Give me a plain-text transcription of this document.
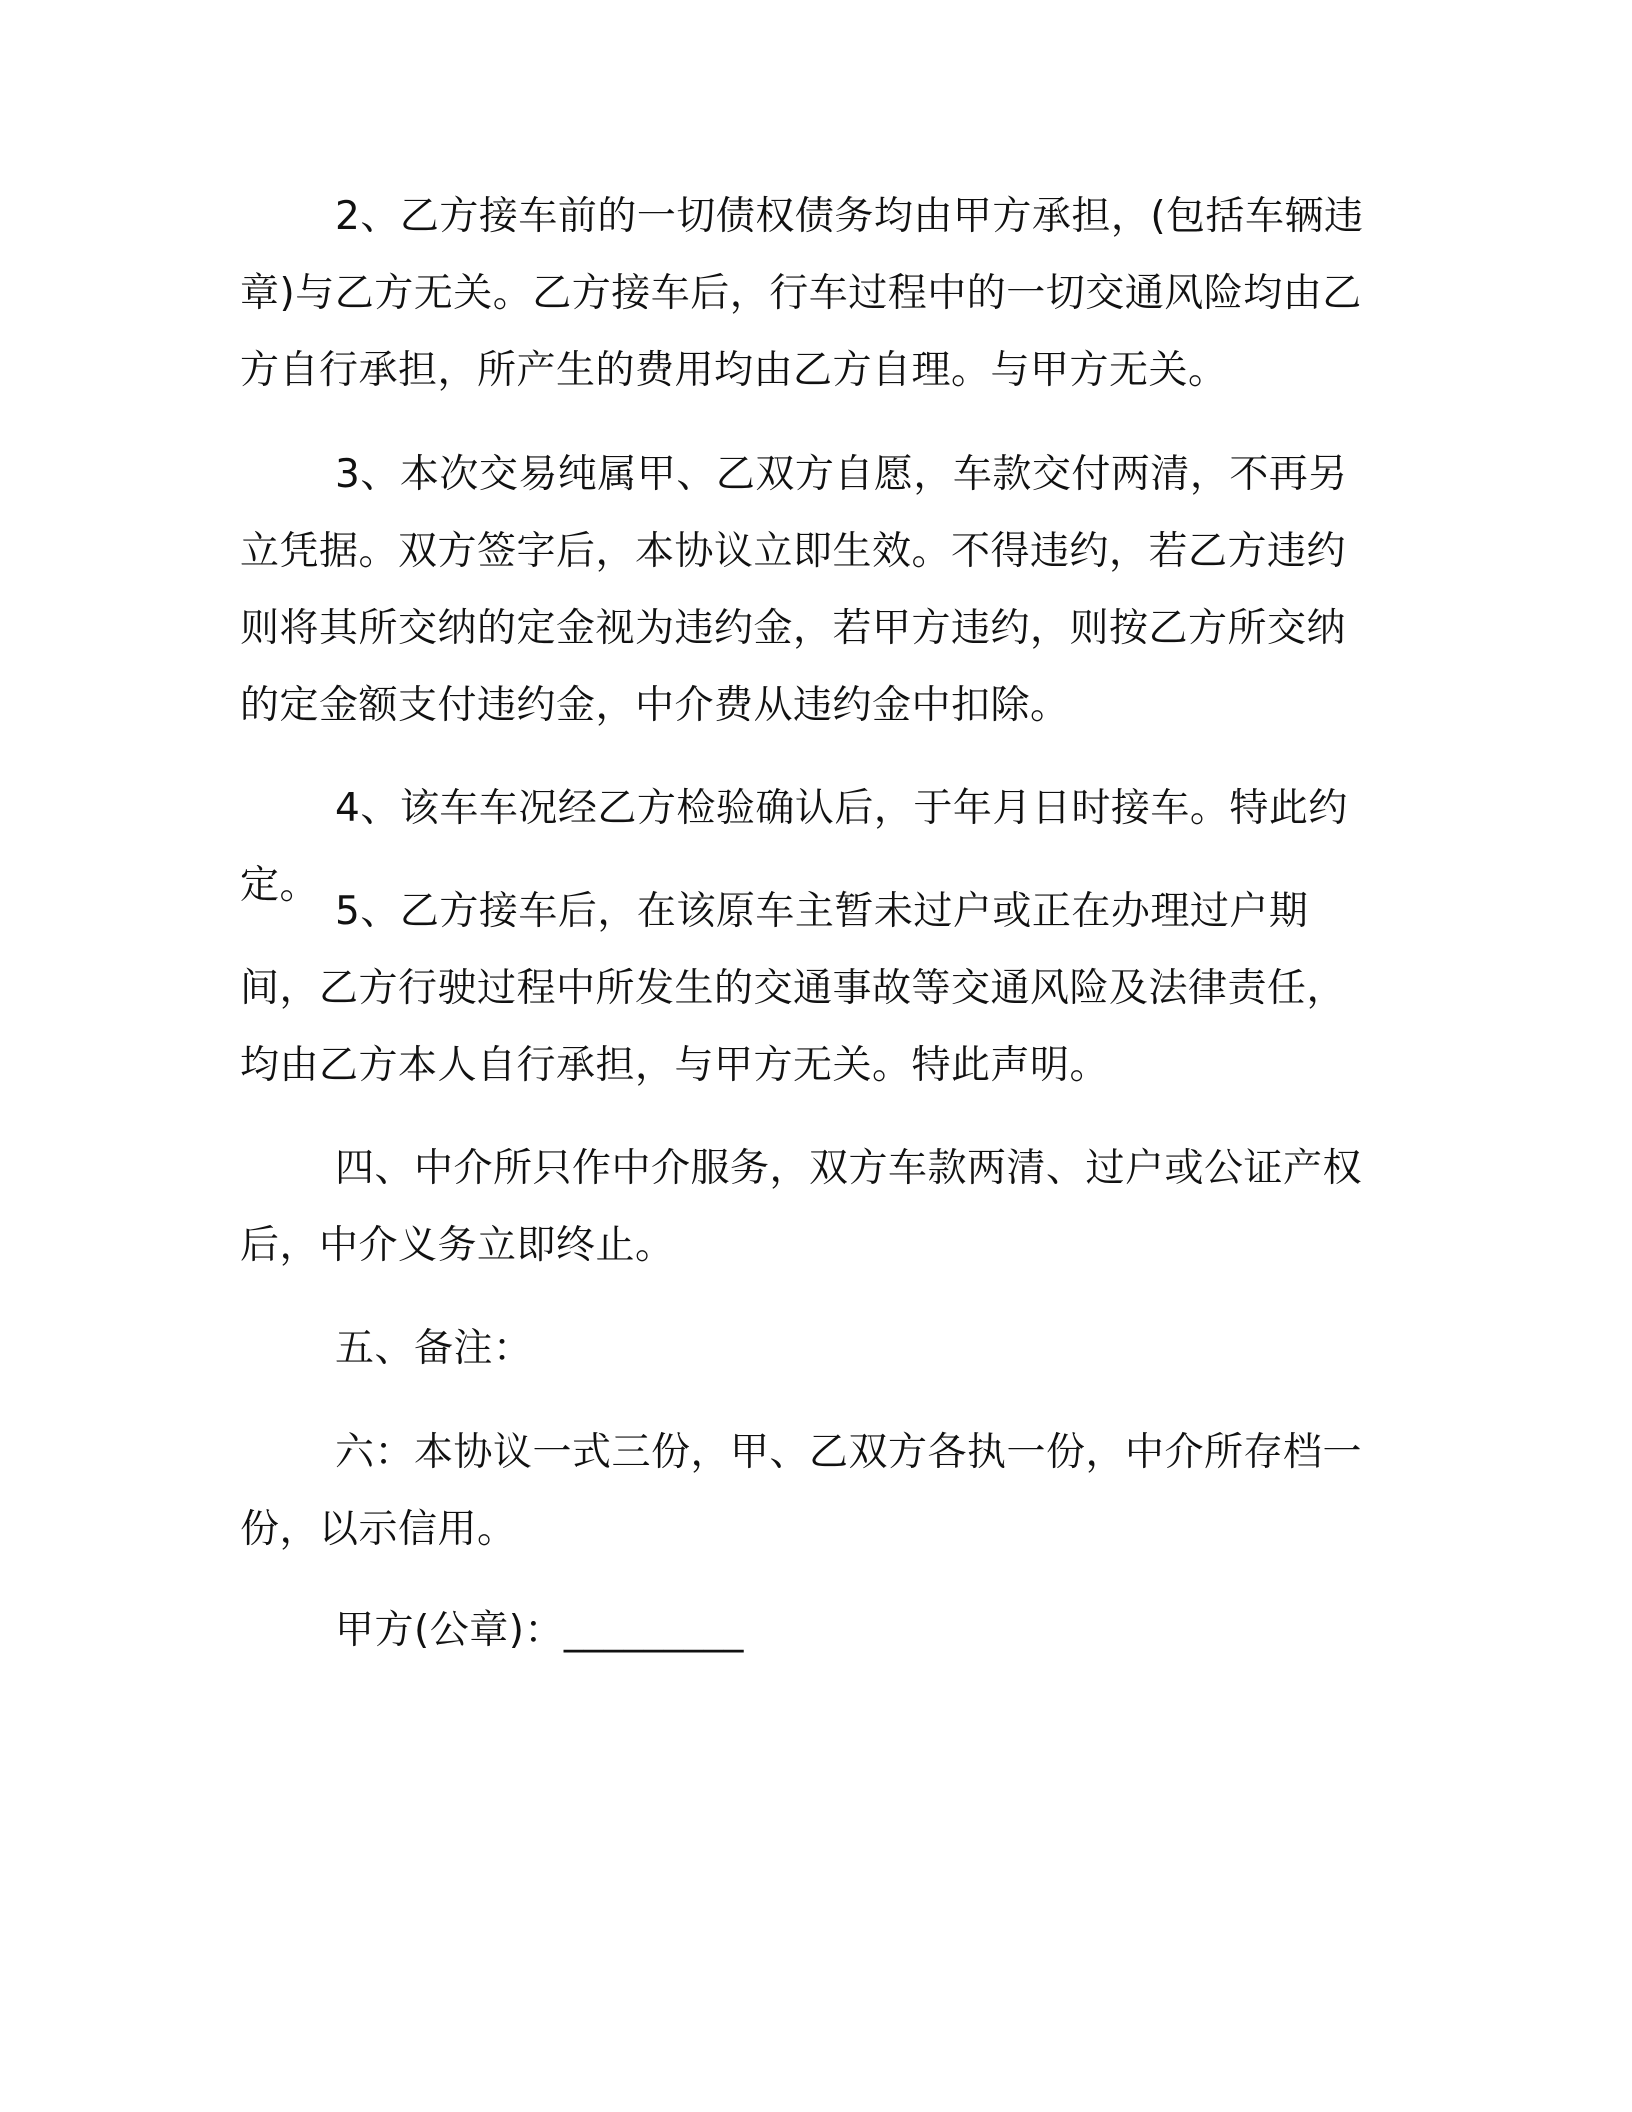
2、乙方接车前的一切债权债务均由甲方承担，(包括车辆违章)与乙方无关。乙方接车后，行车过程中的一切交通风险均由乙方自行承担，所产生的费用均由乙方自理。与甲方无关。

3、本次交易纯属甲、乙双方自愿，车款交付两清，不再另立凭据。双方签字后，本协议立即生效。不得违约，若乙方违约则将其所交纳的定金视为违约金，若甲方违约，则按乙方所交纳的定金额支付违约金，中介费从违约金中扣除。

4、该车车况经乙方检验确认后，于年月日时接车。特此约定。

5、乙方接车后，在该原车主暂未过户或正在办理过户期间，乙方行驶过程中所发生的交通事故等交通风险及法律责任，均由乙方本人自行承担，与甲方无关。特此声明。

四、中介所只作中介服务，双方车款两清、过户或公证产权后，中介义务立即终止。

五、备注：

六：本协议一式三份，甲、乙双方各执一份，中介所存档一份，以示信用。

甲方(公章)：_________
